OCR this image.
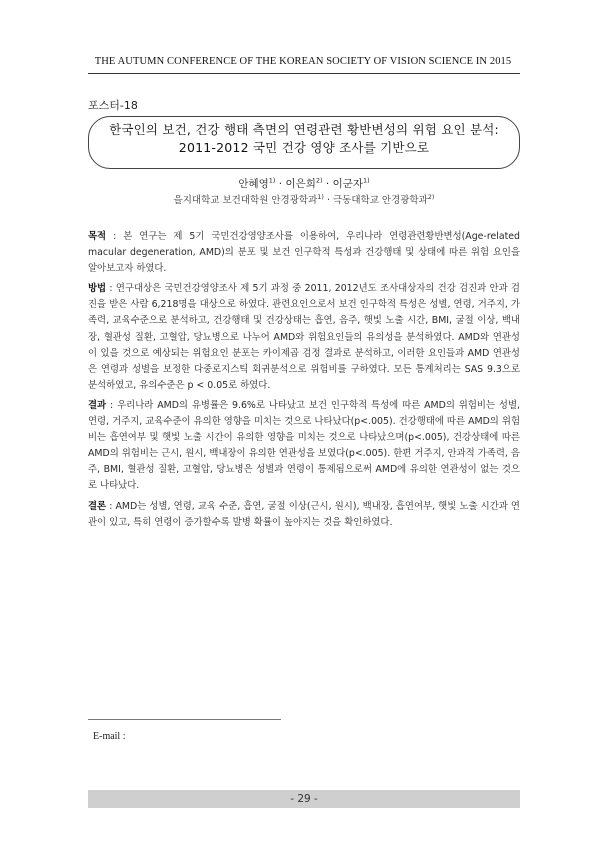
THE AUTUMN CONFERENCE OF THE KOREAN SOCIETY OF VISION SCIENCE IN 2015
포스터-18
한국인의 보건, 건강 행태 측면의 연령관련 황반변성의 위험 요인 분석:
2011-2012 국민 건강 영양 조사를 기반으로
안혜영$^{1)}$ · 이은희$^{2)}$ · 이군자$^{1)}$
을지대학교 보건대학원 안경광학과$^{1)}$ · 극동대학교 안경광학과$^{2)}$

목적 : 본 연구는 제 5기 국민건강영양조사를 이용하여, 우리나라 연령관련황반변성(Age-related macular degeneration, AMD)의 분포 및 보건 인구학적 특성과 건강행태 및 상태에 따른 위험 요인을 알아보고자 하였다.

방법 : 연구대상은 국민건강영양조사 제 5기 과정 중 2011, 2012년도 조사대상자의 건강 검진과 안과 검진을 받은 사람 6,218명을 대상으로 하였다. 관련요인으로서 보건 인구학적 특성은 성별, 연령, 거주지, 가족력, 교육수준으로 분석하고, 건강행태 및 건강상태는 흡연, 음주, 햇빛 노출 시간, BMI, 굴절 이상, 백내장, 혈관성 질환, 고혈압, 당뇨병으로 나누어 AMD와 위험요인들의 유의성을 분석하였다. AMD와 연관성이 있을 것으로 예상되는 위험요인 분포는 카이제곱 검정 결과로 분석하고, 이러한 요인들과 AMD 연관성은 연령과 성별을 보정한 다중로지스틱 회귀분석으로 위험비를 구하였다. 모든 통계처리는 SAS 9.3으로 분석하였고, 유의수준은 p < 0.05로 하였다.

결과 : 우리나라 AMD의 유병률은 9.6%로 나타났고 보건 인구학적 특성에 따른 AMD의 위험비는 성별, 연령, 거주지, 교육수준이 유의한 영향을 미치는 것으로 나타났다(p<.005). 건강행태에 따른 AMD의 위험비는 흡연여부 및 햇빛 노출 시간이 유의한 영향을 미치는 것으로 나타났으며(p<.005), 건강상태에 따른 AMD의 위험비는 근시, 원시, 백내장이 유의한 연관성을 보였다(p<.005). 한편 거주지, 안과적 가족력, 음주, BMI, 혈관성 질환, 고혈압, 당뇨병은 성별과 연령이 통제됨으로써 AMD에 유의한 연관성이 없는 것으로 나타났다.

결론 : AMD는 성별, 연령, 교육 수준, 흡연, 굴절 이상(근시, 원시), 백내장, 흡연여부, 햇빛 노출 시간과 연관이 있고, 특히 연령이 증가할수록 발병 확률이 높아지는 것을 확인하였다.

E-mail :
- 29 -
